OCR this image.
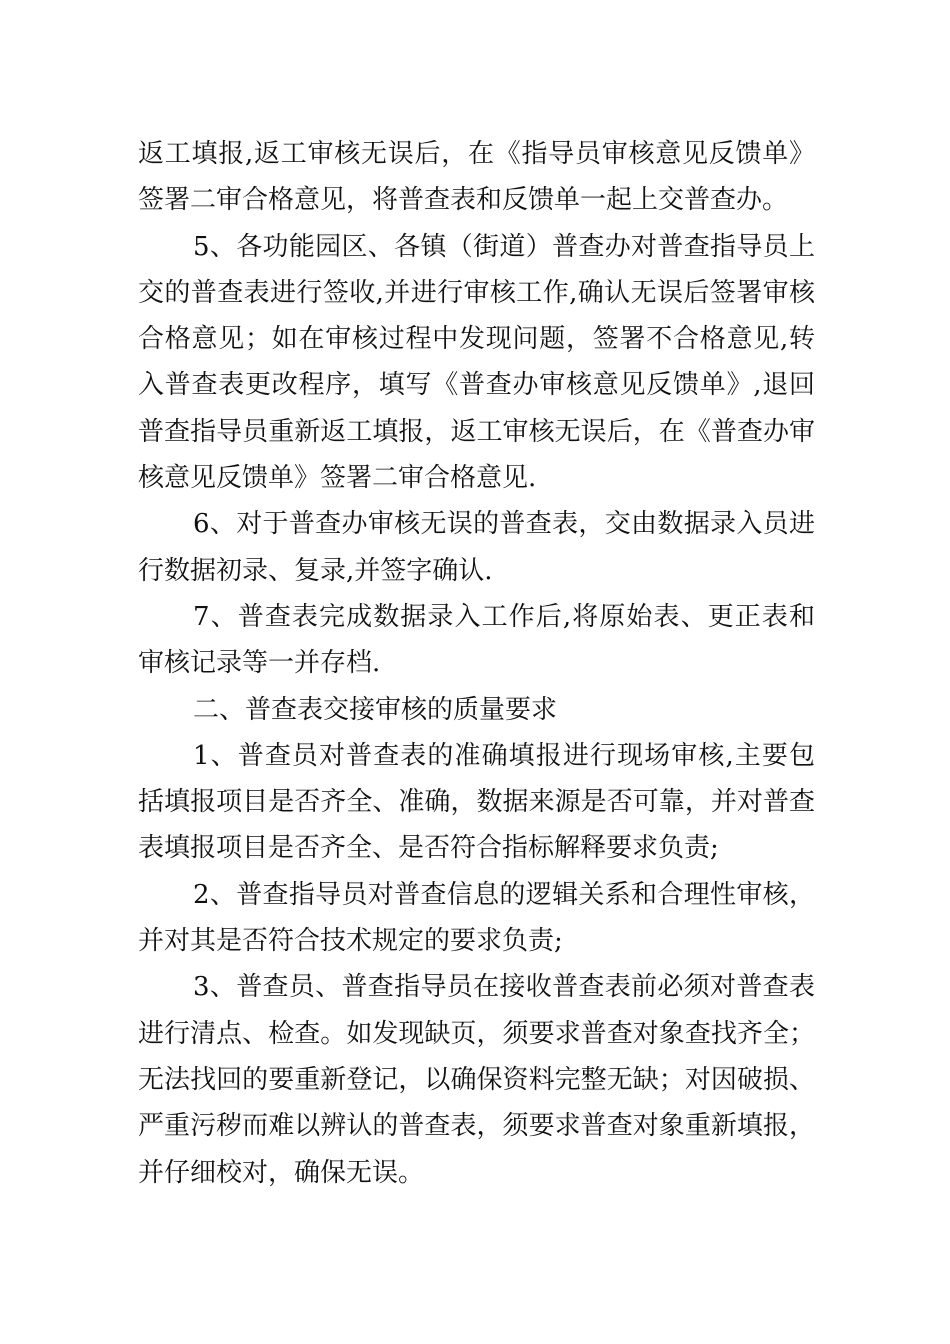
返工填报,返工审核无误后，在《指导员审核意见反馈单》签署二审合格意见，将普查表和反馈单一起上交普查办。

5、各功能园区、各镇（街道）普查办对普查指导员上交的普查表进行签收,并进行审核工作,确认无误后签署审核合格意见；如在审核过程中发现问题，签署不合格意见,转入普查表更改程序，填写《普查办审核意见反馈单》,退回普查指导员重新返工填报，返工审核无误后，在《普查办审核意见反馈单》签署二审合格意见.

6、对于普查办审核无误的普查表，交由数据录入员进行数据初录、复录,并签字确认.

7、普查表完成数据录入工作后,将原始表、更正表和审核记录等一并存档.

二、普查表交接审核的质量要求

1、普查员对普查表的准确填报进行现场审核,主要包括填报项目是否齐全、准确，数据来源是否可靠，并对普查表填报项目是否齐全、是否符合指标解释要求负责;

2、普查指导员对普查信息的逻辑关系和合理性审核，并对其是否符合技术规定的要求负责;

3、普查员、普查指导员在接收普查表前必须对普查表进行清点、检查。如发现缺页，须要求普查对象查找齐全；无法找回的要重新登记，以确保资料完整无缺；对因破损、严重污秽而难以辨认的普查表，须要求普查对象重新填报，并仔细校对，确保无误。
